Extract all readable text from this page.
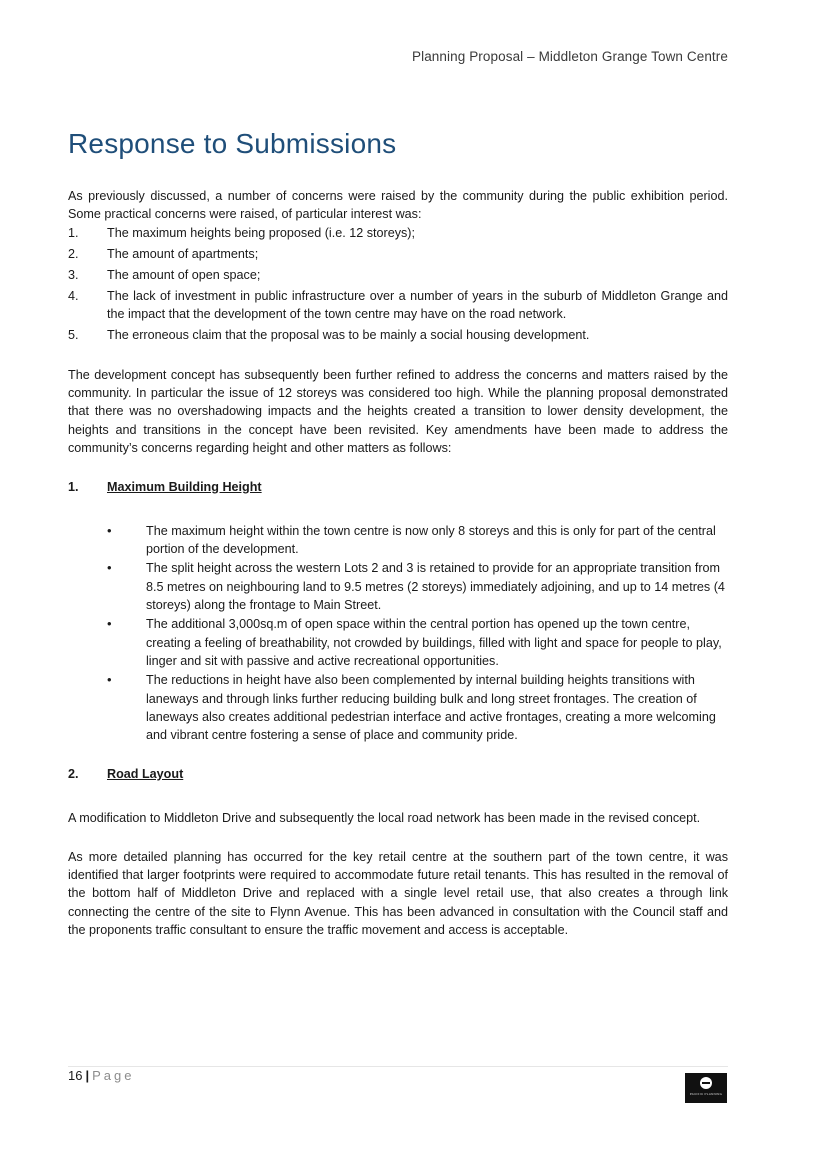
Planning Proposal – Middleton Grange Town Centre
Response to Submissions

As previously discussed, a number of concerns were raised by the community during the public exhibition period. Some practical concerns were raised, of particular interest was:

1.	The maximum heights being proposed (i.e. 12 storeys);
2.	The amount of apartments;
3.	The amount of open space;
4.	The lack of investment in public infrastructure over a number of years in the suburb of Middleton Grange and the impact that the development of the town centre may have on the road network.
5.	The erroneous claim that the proposal was to be mainly a social housing development.

The development concept has subsequently been further refined to address the concerns and matters raised by the community. In particular the issue of 12 storeys was considered too high. While the planning proposal demonstrated that there was no overshadowing impacts and the heights created a transition to lower density development, the heights and transitions in the concept have been revisited. Key amendments have been made to address the community’s concerns regarding height and other matters as follows:

1.	Maximum Building Height
•	The maximum height within the town centre is now only 8 storeys and this is only for part of the central portion of the development.
•	The split height across the western Lots 2 and 3 is retained to provide for an appropriate transition from 8.5 metres on neighbouring land to 9.5 metres (2 storeys) immediately adjoining, and up to 14 metres (4 storeys) along the frontage to Main Street.
•	The additional 3,000sq.m of open space within the central portion has opened up the town centre, creating a feeling of breathability, not crowded by buildings, filled with light and space for people to play, linger and sit with passive and active recreational opportunities.
•	The reductions in height have also been complemented by internal building heights transitions with laneways and through links further reducing building bulk and long street frontages. The creation of laneways also creates additional pedestrian interface and active frontages, creating a more welcoming and vibrant centre fostering a sense of place and community pride.
2.	Road Layout

A modification to Middleton Drive and subsequently the local road network has been made in the revised concept.

As more detailed planning has occurred for the key retail centre at the southern part of the town centre, it was identified that larger footprints were required to accommodate future retail tenants. This has resulted in the removal of the bottom half of Middleton Drive and replaced with a single level retail use, that also creates a through link connecting the centre of the site to Flynn Avenue. This has been advanced in consultation with the Council staff and the proponents traffic consultant to ensure the traffic movement and access is acceptable.

16 | Page
PACIFIC PLANNING
